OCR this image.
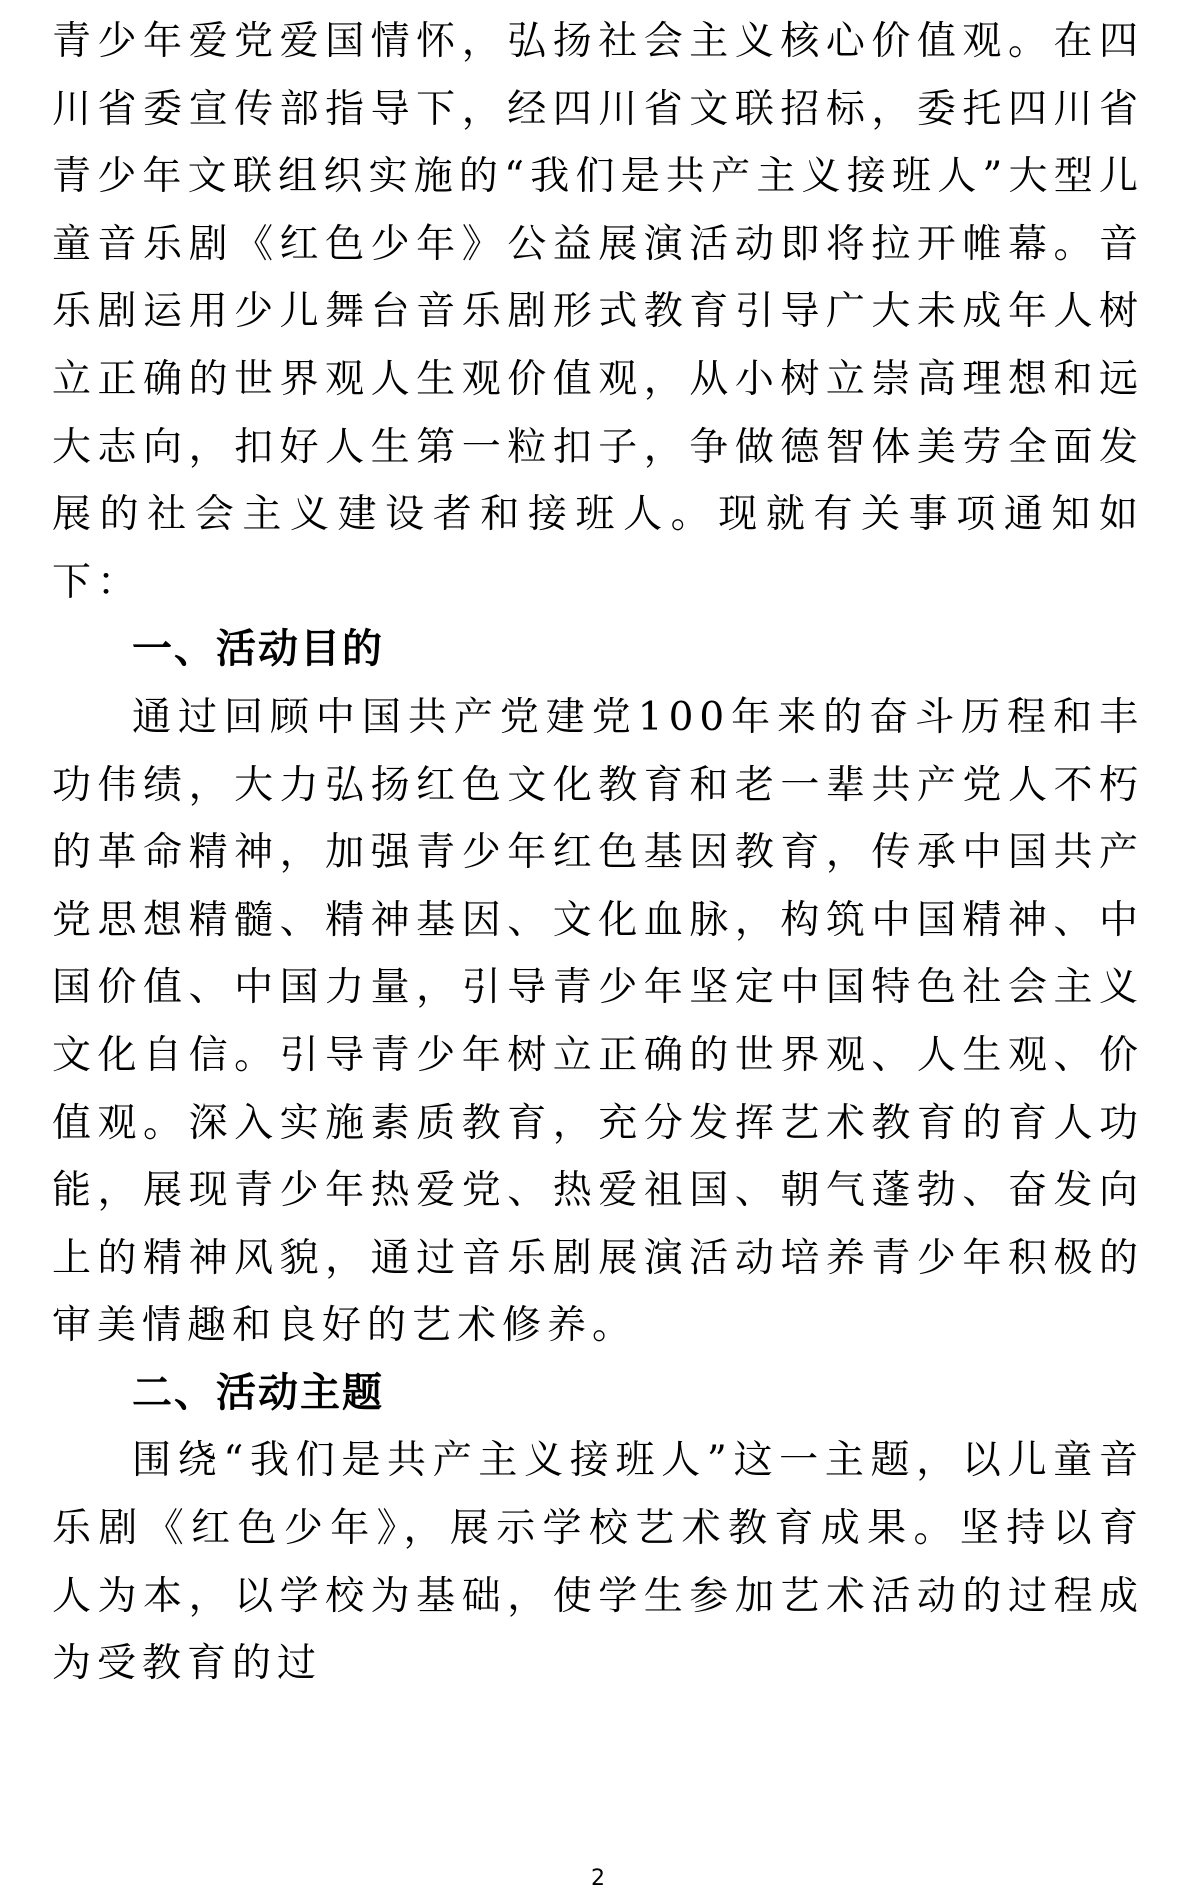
青少年爱党爱国情怀，弘扬社会主义核心价值观。在四川省委宣传部指导下，经四川省文联招标，委托四川省青少年文联组织实施的“我们是共产主义接班人”大型儿童音乐剧《红色少年》公益展演活动即将拉开帷幕。音乐剧运用少儿舞台音乐剧形式教育引导广大未成年人树立正确的世界观人生观价值观，从小树立崇高理想和远大志向，扣好人生第一粒扣子，争做德智体美劳全面发展的社会主义建设者和接班人。现就有关事项通知如下：

一、活动目的

通过回顾中国共产党建党100年来的奋斗历程和丰功伟绩，大力弘扬红色文化教育和老一辈共产党人不朽的革命精神，加强青少年红色基因教育，传承中国共产党思想精髓、精神基因、文化血脉，构筑中国精神、中国价值、中国力量，引导青少年坚定中国特色社会主义文化自信。引导青少年树立正确的世界观、人生观、价值观。深入实施素质教育，充分发挥艺术教育的育人功能，展现青少年热爱党、热爱祖国、朝气蓬勃、奋发向上的精神风貌，通过音乐剧展演活动培养青少年积极的审美情趣和良好的艺术修养。

二、活动主题

围绕“我们是共产主义接班人”这一主题，以儿童音乐剧《红色少年》，展示学校艺术教育成果。坚持以育人为本，以学校为基础，使学生参加艺术活动的过程成为受教育的过

2
